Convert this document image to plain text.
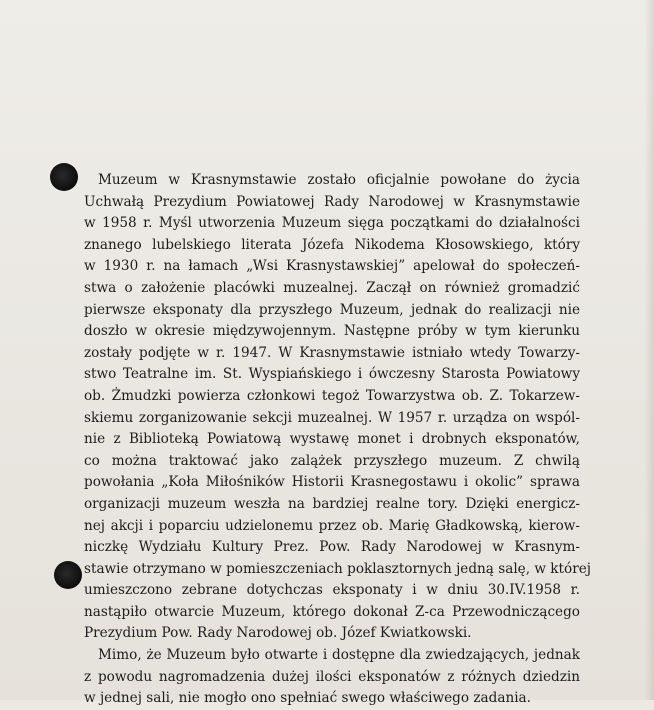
Muzeum w Krasnymstawie zostało oficjalnie powołane do życia
Uchwałą Prezydium Powiatowej Rady Narodowej w Krasnymstawie
w 1958 r. Myśl utworzenia Muzeum sięga początkami do działalności
znanego lubelskiego literata Józefa Nikodema Kłosowskiego, który
w 1930 r. na łamach „Wsi Krasnystawskiej” apelował do społeczeń-
stwa o założenie placówki muzealnej. Zaczął on również gromadzić
pierwsze eksponaty dla przyszłego Muzeum, jednak do realizacji nie
doszło w okresie międzywojennym. Następne próby w tym kierunku
zostały podjęte w r. 1947. W Krasnymstawie istniało wtedy Towarzy-
stwo Teatralne im. St. Wyspiańskiego i ówczesny Starosta Powiatowy
ob. Żmudzki powierza członkowi tegoż Towarzystwa ob. Z. Tokarzew-
skiemu zorganizowanie sekcji muzealnej. W 1957 r. urządza on wspól-
nie z Biblioteką Powiatową wystawę monet i drobnych eksponatów,
co można traktować jako zalążek przyszłego muzeum. Z chwilą
powołania „Koła Miłośników Historii Krasnegostawu i okolic” sprawa
organizacji muzeum weszła na bardziej realne tory. Dzięki energicz-
nej akcji i poparciu udzielonemu przez ob. Marię Gładkowską, kierow-
niczkę Wydziału Kultury Prez. Pow. Rady Narodowej w Krasnym-
stawie otrzymano w pomieszczeniach poklasztornych jedną salę, w której
umieszczono zebrane dotychczas eksponaty i w dniu 30.IV.1958 r.
nastąpiło otwarcie Muzeum, którego dokonał Z-ca Przewodniczącego
Prezydium Pow. Rady Narodowej ob. Józef Kwiatkowski.
Mimo, że Muzeum było otwarte i dostępne dla zwiedzających, jednak
z powodu nagromadzenia dużej ilości eksponatów z różnych dziedzin
w jednej sali, nie mogło ono spełniać swego właściwego zadania.
